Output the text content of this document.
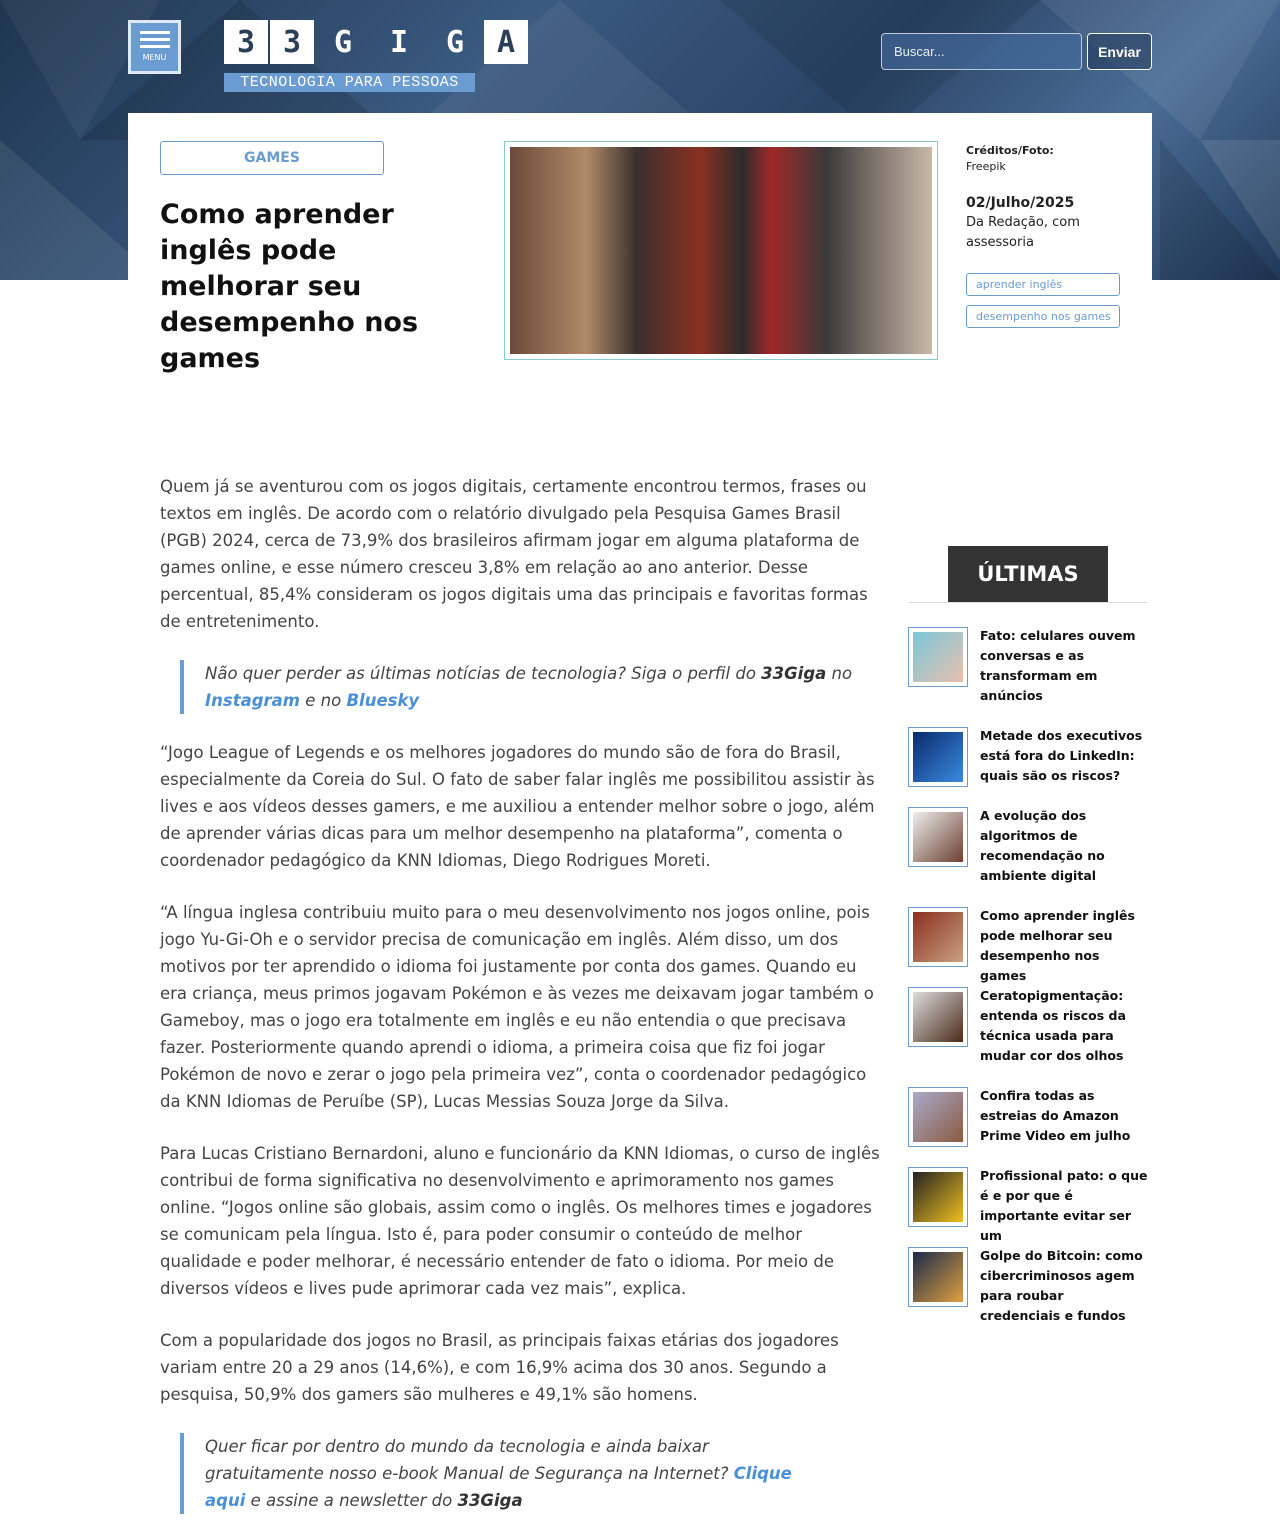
MENU	3 3	G	I	G	A
TECNOLOGIA PARA PESSOAS
Buscar...
Enviar
GAMES
Como aprender inglês pode melhorar seu desempenho nos games
Créditos/Foto:
Freepik
02/Julho/2025
Da Redação, com assessoria
aprender inglês
desempenho nos games

Quem já se aventurou com os jogos digitais, certamente encontrou termos, frases ou textos em inglês. De acordo com o relatório divulgado pela Pesquisa Games Brasil (PGB) 2024, cerca de 73,9% dos brasileiros afirmam jogar em alguma plataforma de games online, e esse número cresceu 3,8% em relação ao ano anterior. Desse percentual, 85,4% consideram os jogos digitais uma das principais e favoritas formas de entretenimento.

Não quer perder as últimas notícias de tecnologia? Siga o perfil do 33Giga no
Instagram e no Bluesky

“Jogo League of Legends e os melhores jogadores do mundo são de fora do Brasil, especialmente da Coreia do Sul. O fato de saber falar inglês me possibilitou assistir às lives e aos vídeos desses gamers, e me auxiliou a entender melhor sobre o jogo, além de aprender várias dicas para um melhor desempenho na plataforma”, comenta o coordenador pedagógico da KNN Idiomas, Diego Rodrigues Moreti.

“A língua inglesa contribuiu muito para o meu desenvolvimento nos jogos online, pois jogo Yu-Gi-Oh e o servidor precisa de comunicação em inglês. Além disso, um dos motivos por ter aprendido o idioma foi justamente por conta dos games. Quando eu era criança, meus primos jogavam Pokémon e às vezes me deixavam jogar também o Gameboy, mas o jogo era totalmente em inglês e eu não entendia o que precisava fazer. Posteriormente quando aprendi o idioma, a primeira coisa que fiz foi jogar Pokémon de novo e zerar o jogo pela primeira vez”, conta o coordenador pedagógico da KNN Idiomas de Peruíbe (SP), Lucas Messias Souza Jorge da Silva.

Para Lucas Cristiano Bernardoni, aluno e funcionário da KNN Idiomas, o curso de inglês contribui de forma significativa no desenvolvimento e aprimoramento nos games online. “Jogos online são globais, assim como o inglês. Os melhores times e jogadores se comunicam pela língua. Isto é, para poder consumir o conteúdo de melhor qualidade e poder melhorar, é necessário entender de fato o idioma. Por meio de diversos vídeos e lives pude aprimorar cada vez mais”, explica.

Com a popularidade dos jogos no Brasil, as principais faixas etárias dos jogadores variam entre 20 a 29 anos (14,6%), e com 16,9% acima dos 30 anos. Segundo a pesquisa, 50,9% dos gamers são mulheres e 49,1% são homens.

Quer ficar por dentro do mundo da tecnologia e ainda baixar gratuitamente nosso e-book Manual de Segurança na Internet? Clique aqui e assine a newsletter do 33Giga
ÚLTIMAS
Fato: celulares ouvem conversas e as transformam em anúncios
Metade dos executivos está fora do LinkedIn: quais são os riscos?
A evolução dos algoritmos de recomendação no ambiente digital
Como aprender inglês pode melhorar seu desempenho nos games
Ceratopigmentação: entenda os riscos da técnica usada para mudar cor dos olhos
Confira todas as estreias do Amazon Prime Video em julho
Profissional pato: o que é e por que é importante evitar ser um
Golpe do Bitcoin: como cibercriminosos agem para roubar credenciais e fundos
